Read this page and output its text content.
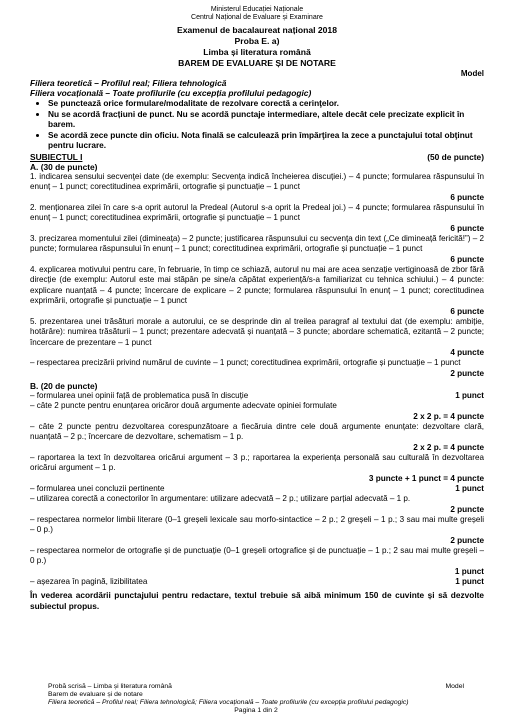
Ministerul Educației Naționale
Centrul Național de Evaluare și Examinare
Examenul de bacalaureat național 2018
Proba E. a)
Limba și literatura română
BAREM DE EVALUARE ȘI DE NOTARE
Model
Filiera teoretică – Profilul real; Filiera tehnologică
Filiera vocațională – Toate profilurile (cu excepția profilului pedagogic)
• Se punctează orice formulare/modalitate de rezolvare corectă a cerinţelor.
• Nu se acordă fracțiuni de punct. Nu se acordă punctaje intermediare, altele decât cele precizate explicit în barem.
• Se acordă zece puncte din oficiu. Nota finală se calculează prin împărţirea la zece a punctajului total obţinut pentru lucrare.
SUBIECTUL I	(50 de puncte)
A. (30 de puncte)

1. indicarea sensului secvenţei date (de exemplu: Secvența indică încheierea discuției.) – 4 puncte; formularea răspunsului în enunț – 1 punct; corectitudinea exprimării, ortografie și punctuație – 1 punct

6 puncte

2. menționarea zilei în care s-a oprit autorul la Predeal (Autorul s-a oprit la Predeal joi.) – 4 puncte; formularea răspunsului în enunț – 1 punct; corectitudinea exprimării, ortografie și punctuație – 1 punct

6 puncte

3. precizarea momentului zilei (dimineața) – 2 puncte; justificarea răspunsului cu secvența din text („Ce dimineață fericită!”) – 2 puncte; formularea răspunsului în enunț – 1 punct; corectitudinea exprimării, ortografie și punctuație – 1 punct

6 puncte

4. explicarea motivului pentru care, în februarie, în timp ce schiază, autorul nu mai are acea senzație vertiginoasă de zbor fără direcție (de exemplu: Autorul este mai stăpân pe sine/a căpătat experiență/s-a familiarizat cu tehnica schiului.) – 4 puncte: explicare nuanțată – 4 puncte; încercare de explicare – 2 puncte; formularea răspunsului în enunț – 1 punct; corectitudinea exprimării, ortografie și punctuație – 1 punct

6 puncte

5. prezentarea unei trăsături morale a autorului, ce se desprinde din al treilea paragraf al textului dat (de exemplu: ambiție, hotărâre): numirea trăsăturii – 1 punct; prezentare adecvată și nuanțată – 3 puncte; abordare schematică, ezitantă – 2 puncte; încercare de prezentare – 1 punct

4 puncte

– respectarea precizării privind numărul de cuvinte – 1 punct; corectitudinea exprimării, ortografie și punctuație – 1 punct

2 puncte
B. (20 de puncte)
– formularea unei opinii față de problematica pusă în discuție	1 punct

– câte 2 puncte pentru enunțarea oricăror două argumente adecvate opiniei formulate

2 x 2 p. = 4 puncte

– câte 2 puncte pentru dezvoltarea corespunzătoare a fiecăruia dintre cele două argumente enunțate: dezvoltare clară, nuanțată – 2 p.; încercare de dezvoltare, schematism – 1 p.

2 x 2 p. = 4 puncte

– raportarea la text în dezvoltarea oricărui argument – 3 p.; raportarea la experiența personală sau culturală în dezvoltarea oricărui argument – 1 p.

3 puncte + 1 punct = 4 puncte
– formularea unei concluzii pertinente	1 punct

– utilizarea corectă a conectorilor în argumentare: utilizare adecvată – 2 p.; utilizare parțial adecvată – 1 p.

2 puncte

– respectarea normelor limbii literare (0–1 greșeli lexicale sau morfo-sintactice – 2 p.; 2 greșeli – 1 p.; 3 sau mai multe greșeli – 0 p.)

2 puncte

– respectarea normelor de ortografie și de punctuație (0–1 greșeli ortografice și de punctuație – 1 p.; 2 sau mai multe greșeli – 0 p.)

1 punct
– așezarea în pagină, lizibilitatea	1 punct
În vederea acordării punctajului pentru redactare, textul trebuie să aibă minimum 150 de cuvinte și să dezvolte subiectul propus.
Probă scrisă – Limba și literatura română	Model
Barem de evaluare și de notare
Filiera teoretică – Profilul real; Filiera tehnologică; Filiera vocațională – Toate profilurile (cu excepția profilului pedagogic)
Pagina 1 din 2
